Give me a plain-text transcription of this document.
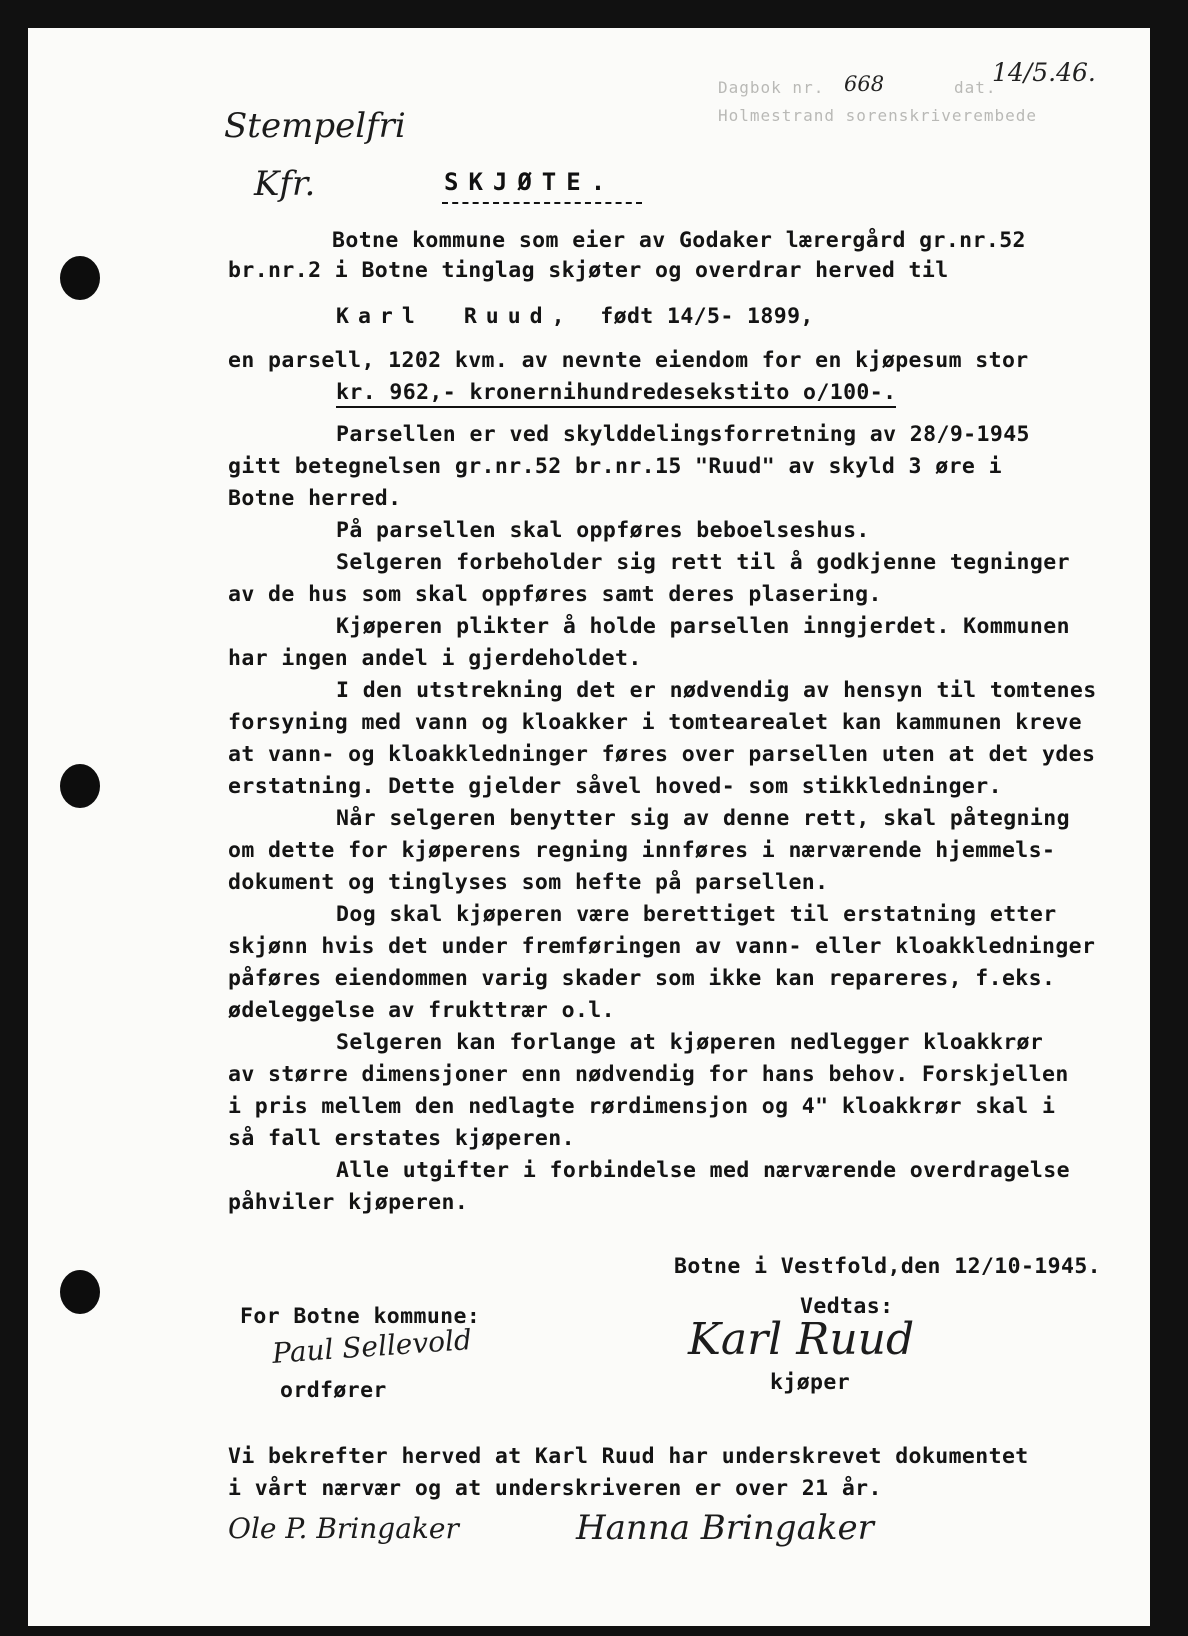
Dagbok nr. 668	dat.
14/5.46.
Holmestrand sorenskriverembede
Stempelfri
Kfr.	SKJØTE.
Botne kommune som eier av Godaker lærergård gr.nr.52
br.nr.2 i Botne tinglag skjøter og overdrar herved til
Karl Ruud, født 14/5- 1899,
en parsell, 1202 kvm. av nevnte eiendom for en kjøpesum stor
kr. 962,- kronernihundredesekstito o/100-.
Parsellen er ved skylddelingsforretning av 28/9-1945
gitt betegnelsen gr.nr.52 br.nr.15 "Ruud" av skyld 3 øre i
Botne herred.
På parsellen skal oppføres beboelseshus.
Selgeren forbeholder sig rett til å godkjenne tegninger
av de hus som skal oppføres samt deres plasering.
Kjøperen plikter å holde parsellen inngjerdet. Kommunen
har ingen andel i gjerdeholdet.
I den utstrekning det er nødvendig av hensyn til tomtenes
forsyning med vann og kloakker i tomtearealet kan kammunen kreve
at vann- og kloakkledninger føres over parsellen uten at det ydes
erstatning. Dette gjelder såvel hoved- som stikkledninger.
Når selgeren benytter sig av denne rett, skal påtegning
om dette for kjøperens regning innføres i nærværende hjemmels-
dokument og tinglyses som hefte på parsellen.
Dog skal kjøperen være berettiget til erstatning etter
skjønn hvis det under fremføringen av vann- eller kloakkledninger
påføres eiendommen varig skader som ikke kan repareres, f.eks.
ødeleggelse av frukttrær o.l.
Selgeren kan forlange at kjøperen nedlegger kloakkrør
av større dimensjoner enn nødvendig for hans behov. Forskjellen
i pris mellem den nedlagte rørdimensjon og 4" kloakkrør skal i
så fall erstates kjøperen.
Alle utgifter i forbindelse med nærværende overdragelse
påhviler kjøperen.
Botne i Vestfold,den 12/10-1945.
For Botne kommune:
Paul Sellevold
ordfører
Vedtas:
Karl Ruud
kjøper
Vi bekrefter herved at Karl Ruud har underskrevet dokumentet
i vårt nærvær og at underskriveren er over 21 år.
Ole P. Bringaker	Hanna Bringaker
